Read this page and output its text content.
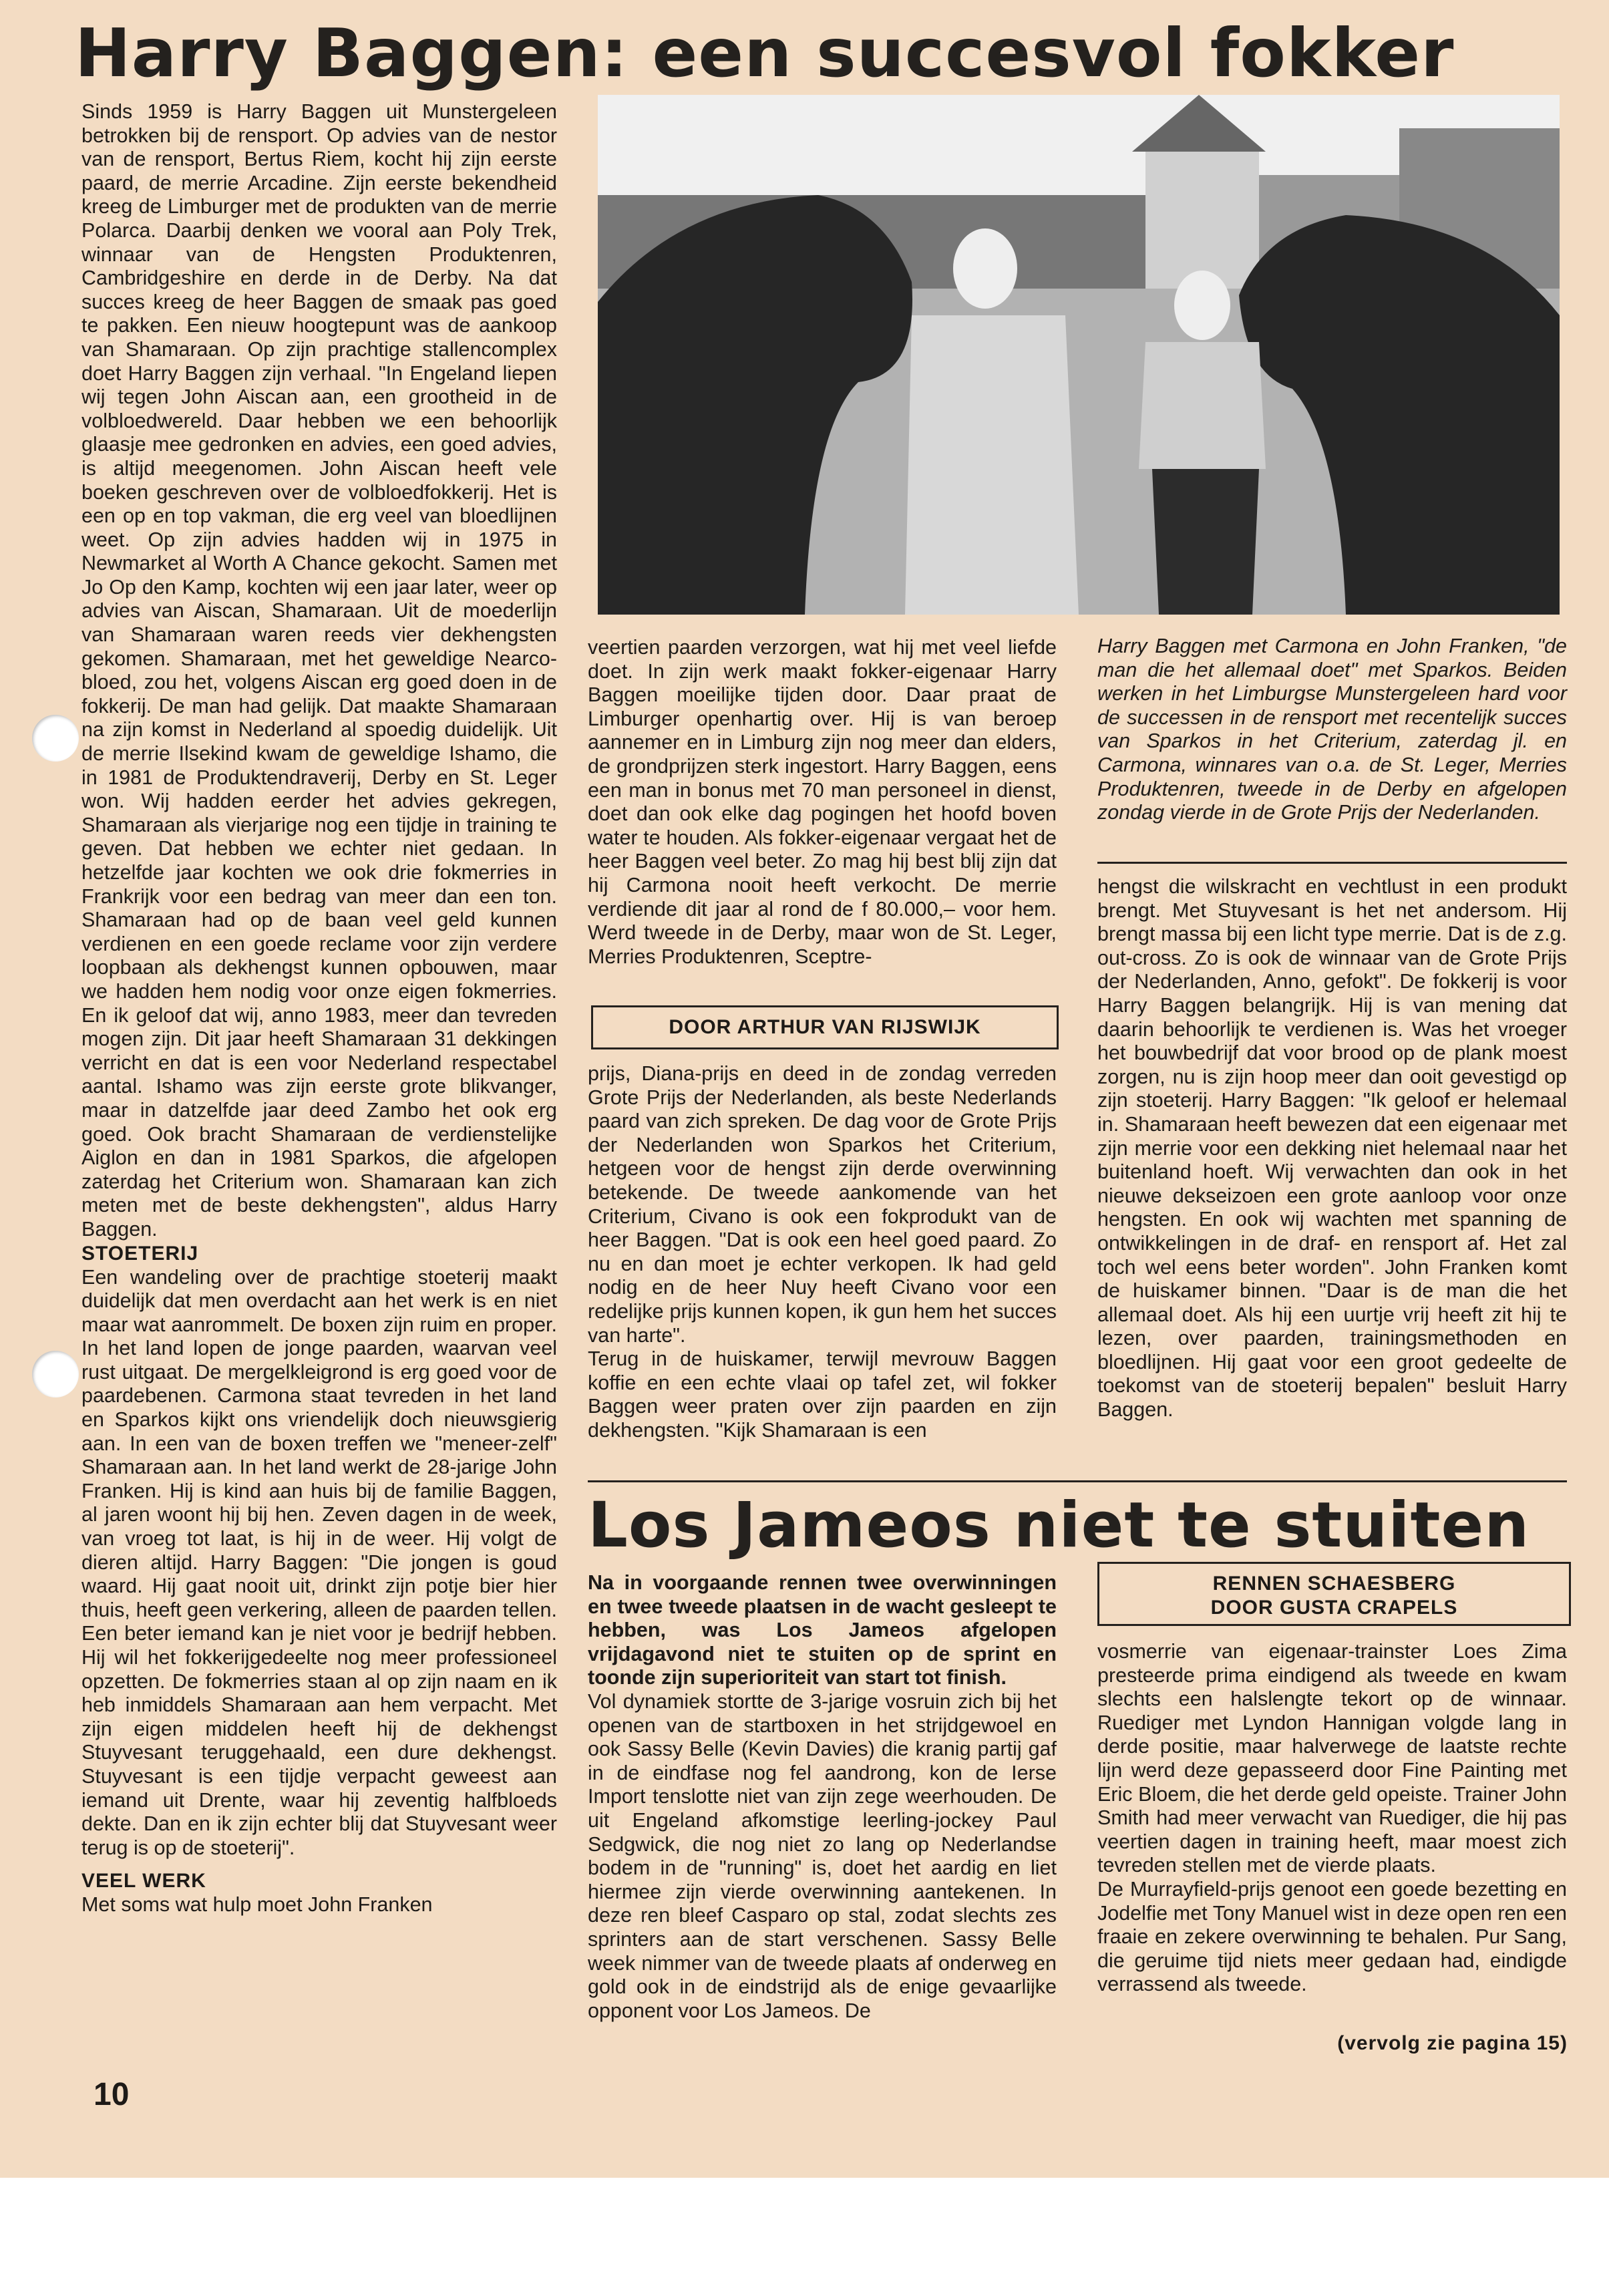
Harry Baggen: een succesvol fokker

Sinds 1959 is Harry Baggen uit Munstergeleen betrokken bij de rensport. Op advies van de nestor van de rensport, Bertus Riem, kocht hij zijn eerste paard, de merrie Arcadine. Zijn eerste bekendheid kreeg de Limburger met de produkten van de merrie Polarca. Daarbij denken we vooral aan Poly Trek, winnaar van de Hengsten Produktenren, Cambridgeshire en derde in de Derby. Na dat succes kreeg de heer Baggen de smaak pas goed te pakken. Een nieuw hoogtepunt was de aankoop van Shamaraan. Op zijn prachtige stallencomplex doet Harry Baggen zijn verhaal. "In Engeland liepen wij tegen John Aiscan aan, een grootheid in de volbloedwereld. Daar hebben we een behoorlijk glaasje mee gedronken en advies, een goed advies, is altijd meegenomen. John Aiscan heeft vele boeken geschreven over de volbloedfokkerij. Het is een op en top vakman, die erg veel van bloedlijnen weet. Op zijn advies hadden wij in 1975 in Newmarket al Worth A Chance gekocht. Samen met Jo Op den Kamp, kochten wij een jaar later, weer op advies van Aiscan, Shamaraan. Uit de moederlijn van Shamaraan waren reeds vier dekhengsten gekomen. Shamaraan, met het geweldige Nearco-bloed, zou het, volgens Aiscan erg goed doen in de fokkerij. De man had gelijk. Dat maakte Shamaraan na zijn komst in Nederland al spoedig duidelijk. Uit de merrie Ilsekind kwam de geweldige Ishamo, die in 1981 de Produktendraverij, Derby en St. Leger won. Wij hadden eerder het advies gekregen, Shamaraan als vierjarige nog een tijdje in training te geven. Dat hebben we echter niet gedaan. In hetzelfde jaar kochten we ook drie fokmerries in Frankrijk voor een bedrag van meer dan een ton. Shamaraan had op de baan veel geld kunnen verdienen en een goede reclame voor zijn verdere loopbaan als dekhengst kunnen opbouwen, maar we hadden hem nodig voor onze eigen fokmerries. En ik geloof dat wij, anno 1983, meer dan tevreden mogen zijn. Dit jaar heeft Shamaraan 31 dekkingen verricht en dat is een voor Nederland respectabel aantal. Ishamo was zijn eerste grote blikvanger, maar in datzelfde jaar deed Zambo het ook erg goed. Ook bracht Shamaraan de verdienstelijke Aiglon en dan in 1981 Sparkos, die afgelopen zaterdag het Criterium won. Shamaraan kan zich meten met de beste dekhengsten", aldus Harry Baggen.

STOETERIJ

Een wandeling over de prachtige stoeterij maakt duidelijk dat men overdacht aan het werk is en niet maar wat aanrommelt. De boxen zijn ruim en proper. In het land lopen de jonge paarden, waarvan veel rust uitgaat. De mergelkleigrond is erg goed voor de paardebenen. Carmona staat tevreden in het land en Sparkos kijkt ons vriendelijk doch nieuwsgierig aan. In een van de boxen treffen we "meneer-zelf" Shamaraan aan. In het land werkt de 28-jarige John Franken. Hij is kind aan huis bij de familie Baggen, al jaren woont hij bij hen. Zeven dagen in de week, van vroeg tot laat, is hij in de weer. Hij volgt de dieren altijd. Harry Baggen: "Die jongen is goud waard. Hij gaat nooit uit, drinkt zijn potje bier hier thuis, heeft geen verkering, alleen de paarden tellen. Een beter iemand kan je niet voor je bedrijf hebben. Hij wil het fokkerijgedeelte nog meer professioneel opzetten. De fokmerries staan al op zijn naam en ik heb inmiddels Shamaraan aan hem verpacht. Met zijn eigen middelen heeft hij de dekhengst Stuyvesant teruggehaald, een dure dekhengst. Stuyvesant is een tijdje verpacht geweest aan iemand uit Drente, waar hij zeventig halfbloeds dekte. Dan en ik zijn echter blij dat Stuyvesant weer terug is op de stoeterij".

VEEL WERK

Met soms wat hulp moet John Franken

veertien paarden verzorgen, wat hij met veel liefde doet. In zijn werk maakt fokker-eigenaar Harry Baggen moeilijke tijden door. Daar praat de Limburger openhartig over. Hij is van beroep aannemer en in Limburg zijn nog meer dan elders, de grondprijzen sterk ingestort. Harry Baggen, eens een man in bonus met 70 man personeel in dienst, doet dan ook elke dag pogingen het hoofd boven water te houden. Als fokker-eigenaar vergaat het de heer Baggen veel beter. Zo mag hij best blij zijn dat hij Carmona nooit heeft verkocht. De merrie verdiende dit jaar al rond de f 80.000,– voor hem. Werd tweede in de Derby, maar won de St. Leger, Merries Produktenren, Sceptre-

DOOR ARTHUR VAN RIJSWIJK

prijs, Diana-prijs en deed in de zondag verreden Grote Prijs der Nederlanden, als beste Nederlands paard van zich spreken. De dag voor de Grote Prijs der Nederlanden won Sparkos het Criterium, hetgeen voor de hengst zijn derde overwinning betekende. De tweede aankomende van het Criterium, Civano is ook een fokprodukt van de heer Baggen. "Dat is ook een heel goed paard. Zo nu en dan moet je echter verkopen. Ik had geld nodig en de heer Nuy heeft Civano voor een redelijke prijs kunnen kopen, ik gun hem het succes van harte".

Terug in de huiskamer, terwijl mevrouw Baggen koffie en een echte vlaai op tafel zet, wil fokker Baggen weer praten over zijn paarden en zijn dekhengsten. "Kijk Shamaraan is een

Harry Baggen met Carmona en John Franken, "de man die het allemaal doet" met Sparkos. Beiden werken in het Limburgse Munstergeleen hard voor de successen in de rensport met recentelijk succes van Sparkos in het Criterium, zaterdag jl. en Carmona, winnares van o.a. de St. Leger, Merries Produktenren, tweede in de Derby en afgelopen zondag vierde in de Grote Prijs der Nederlanden.

hengst die wilskracht en vechtlust in een produkt brengt. Met Stuyvesant is het net andersom. Hij brengt massa bij een licht type merrie. Dat is de z.g. out-cross. Zo is ook de winnaar van de Grote Prijs der Nederlanden, Anno, gefokt". De fokkerij is voor Harry Baggen belangrijk. Hij is van mening dat daarin behoorlijk te verdienen is. Was het vroeger het bouwbedrijf dat voor brood op de plank moest zorgen, nu is zijn hoop meer dan ooit gevestigd op zijn stoeterij. Harry Baggen: "Ik geloof er helemaal in. Shamaraan heeft bewezen dat een eigenaar met zijn merrie voor een dekking niet helemaal naar het buitenland hoeft. Wij verwachten dan ook in het nieuwe dekseizoen een grote aanloop voor onze hengsten. En ook wij wachten met spanning de ontwikkelingen in de draf- en rensport af. Het zal toch wel eens beter worden". John Franken komt de huiskamer binnen. "Daar is de man die het allemaal doet. Als hij een uurtje vrij heeft zit hij te lezen, over paarden, trainingsmethoden en bloedlijnen. Hij gaat voor een groot gedeelte de toekomst van de stoeterij bepalen" besluit Harry Baggen.

Los Jameos niet te stuiten

Na in voorgaande rennen twee overwinningen en twee tweede plaatsen in de wacht gesleept te hebben, was Los Jameos afgelopen vrijdagavond niet te stuiten op de sprint en toonde zijn superioriteit van start tot finish.

Vol dynamiek stortte de 3-jarige vosruin zich bij het openen van de startboxen in het strijdgewoel en ook Sassy Belle (Kevin Davies) die kranig partij gaf in de eindfase nog fel aandrong, kon de Ierse Import tenslotte niet van zijn zege weerhouden. De uit Engeland afkomstige leerling-jockey Paul Sedgwick, die nog niet zo lang op Nederlandse bodem in de "running" is, doet het aardig en liet hiermee zijn vierde overwinning aantekenen. In deze ren bleef Casparo op stal, zodat slechts zes sprinters aan de start verschenen. Sassy Belle week nimmer van de tweede plaats af onderweg en gold ook in de eindstrijd als de enige gevaarlijke opponent voor Los Jameos. De

RENNEN SCHAESBERG
DOOR GUSTA CRAPELS

vosmerrie van eigenaar-trainster Loes Zima presteerde prima eindigend als tweede en kwam slechts een halslengte tekort op de winnaar. Ruediger met Lyndon Hannigan volgde lang in derde positie, maar halverwege de laatste rechte lijn werd deze gepasseerd door Fine Painting met Eric Bloem, die het derde geld opeiste. Trainer John Smith had meer verwacht van Ruediger, die hij pas veertien dagen in training heeft, maar moest zich tevreden stellen met de vierde plaats.

De Murrayfield-prijs genoot een goede bezetting en Jodelfie met Tony Manuel wist in deze open ren een fraaie en zekere overwinning te behalen. Pur Sang, die geruime tijd niets meer gedaan had, eindigde verrassend als tweede.

(vervolg zie pagina 15)
10
